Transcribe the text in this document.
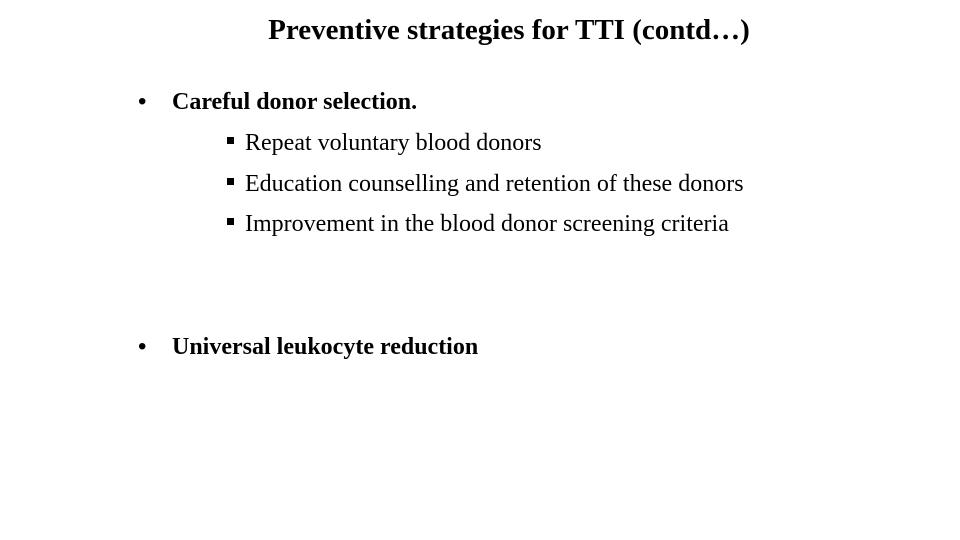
Preventive strategies for TTI (contd…)
•	Careful donor selection.
Repeat voluntary blood donors
Education counselling and retention of these donors
Improvement in the blood donor screening criteria
•	Universal leukocyte reduction
